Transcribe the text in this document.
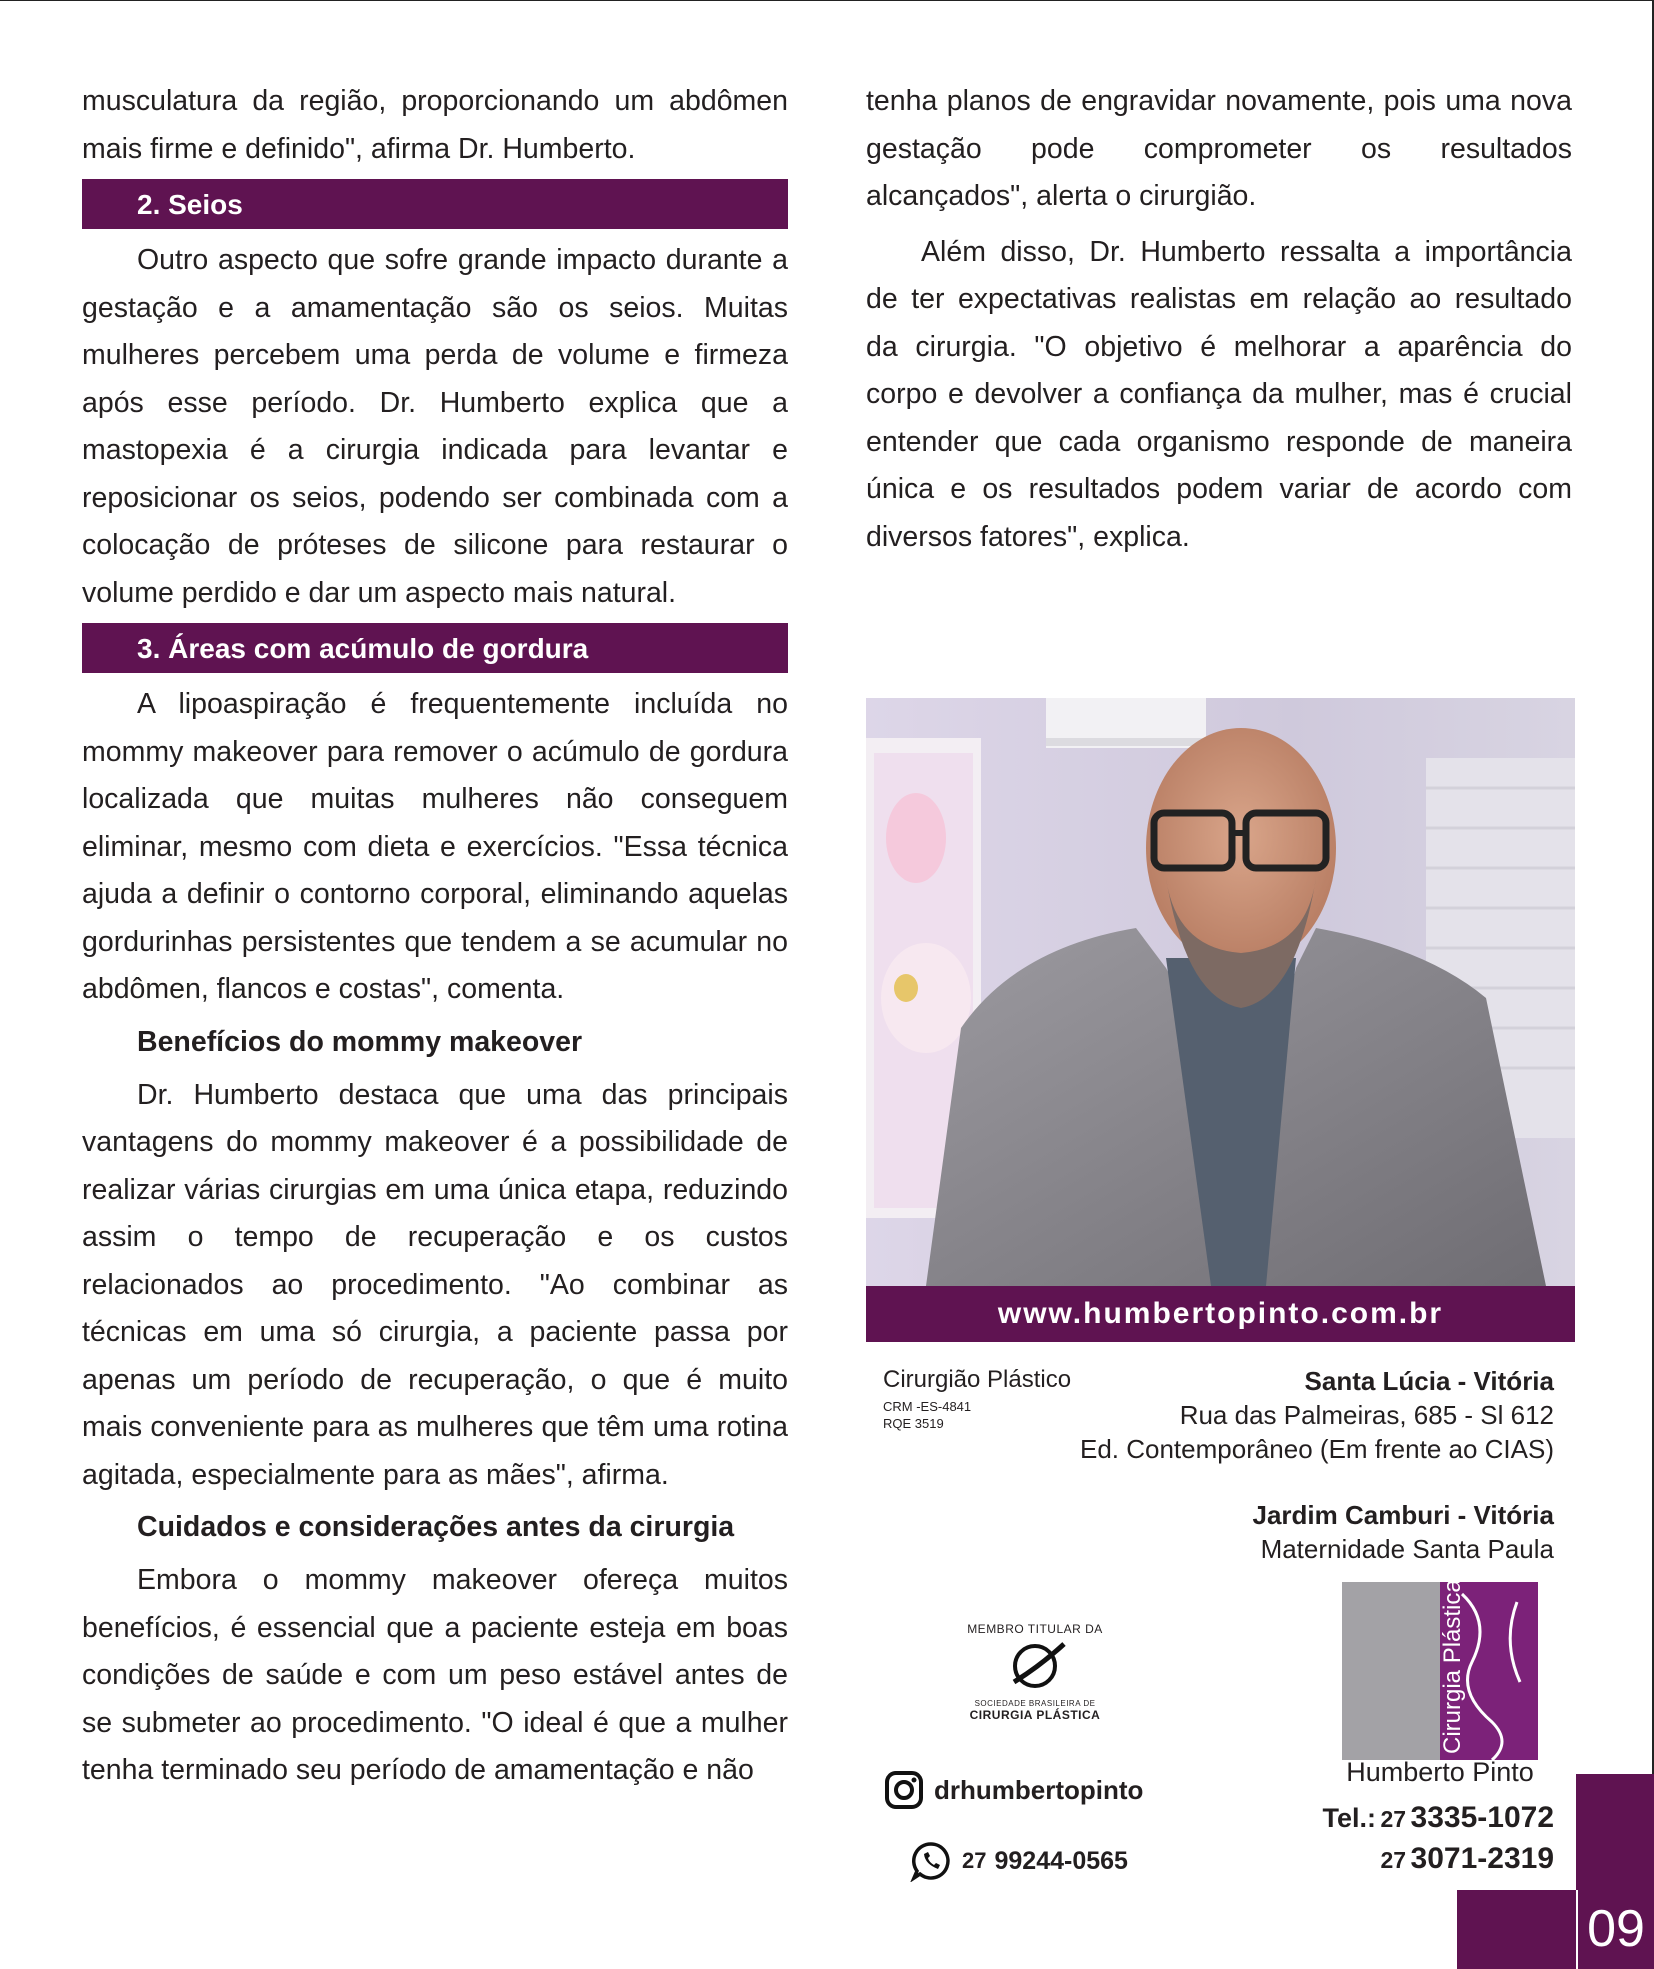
musculatura da região, proporcionando um abdômen mais firme e definido", afirma Dr. Humberto.

2. Seios

Outro aspecto que sofre grande impacto durante a gestação e a amamentação são os seios. Muitas mulheres percebem uma perda de volume e firmeza após esse período. Dr. Humberto explica que a mastopexia é a cirurgia indicada para levantar e reposicionar os seios, podendo ser combinada com a colocação de próteses de silicone para restaurar o volume perdido e dar um aspecto mais natural.

3. Áreas com acúmulo de gordura

A lipoaspiração é frequentemente incluída no mommy makeover para remover o acúmulo de gordura localizada que muitas mulheres não conseguem eliminar, mesmo com dieta e exercícios. "Essa técnica ajuda a definir o contorno corporal, eliminando aquelas gordurinhas persistentes que tendem a se acumular no abdômen, flancos e costas", comenta.

Benefícios do mommy makeover

Dr. Humberto destaca que uma das principais vantagens do mommy makeover é a possibilidade de realizar várias cirurgias em uma única etapa, reduzindo assim o tempo de recuperação e os custos relacionados ao procedimento. "Ao combinar as técnicas em uma só cirurgia, a paciente passa por apenas um período de recuperação, o que é muito mais conveniente para as mulheres que têm uma rotina agitada, especialmente para as mães", afirma.

Cuidados e considerações antes da cirurgia

Embora o mommy makeover ofereça muitos benefícios, é essencial que a paciente esteja em boas condições de saúde e com um peso estável antes de se submeter ao procedimento. "O ideal é que a mulher tenha terminado seu período de amamentação e não

tenha planos de engravidar novamente, pois uma nova gestação pode comprometer os resultados alcançados", alerta o cirurgião.

Além disso, Dr. Humberto ressalta a importância de ter expectativas realistas em relação ao resultado da cirurgia. "O objetivo é melhorar a aparência do corpo e devolver a confiança da mulher, mas é crucial entender que cada organismo responde de maneira única e os resultados podem variar de acordo com diversos fatores", explica.

www.humbertopinto.com.br
Cirurgião Plástico
CRM -ES-4841
RQE 3519
Santa Lúcia - Vitória
Rua das Palmeiras, 685 - Sl 612
Ed. Contemporâneo (Em frente ao CIAS)
Jardim Camburi - Vitória
Maternidade Santa Paula
MEMBRO TITULAR DA
SOCIEDADE BRASILEIRA DE
CIRURGIA PLÁSTICA	Cirurgia Plástica
Humberto Pinto
drhumbertopinto
27 99244-0565
Tel.: 27 3335-1072
27 3071-2319
09
